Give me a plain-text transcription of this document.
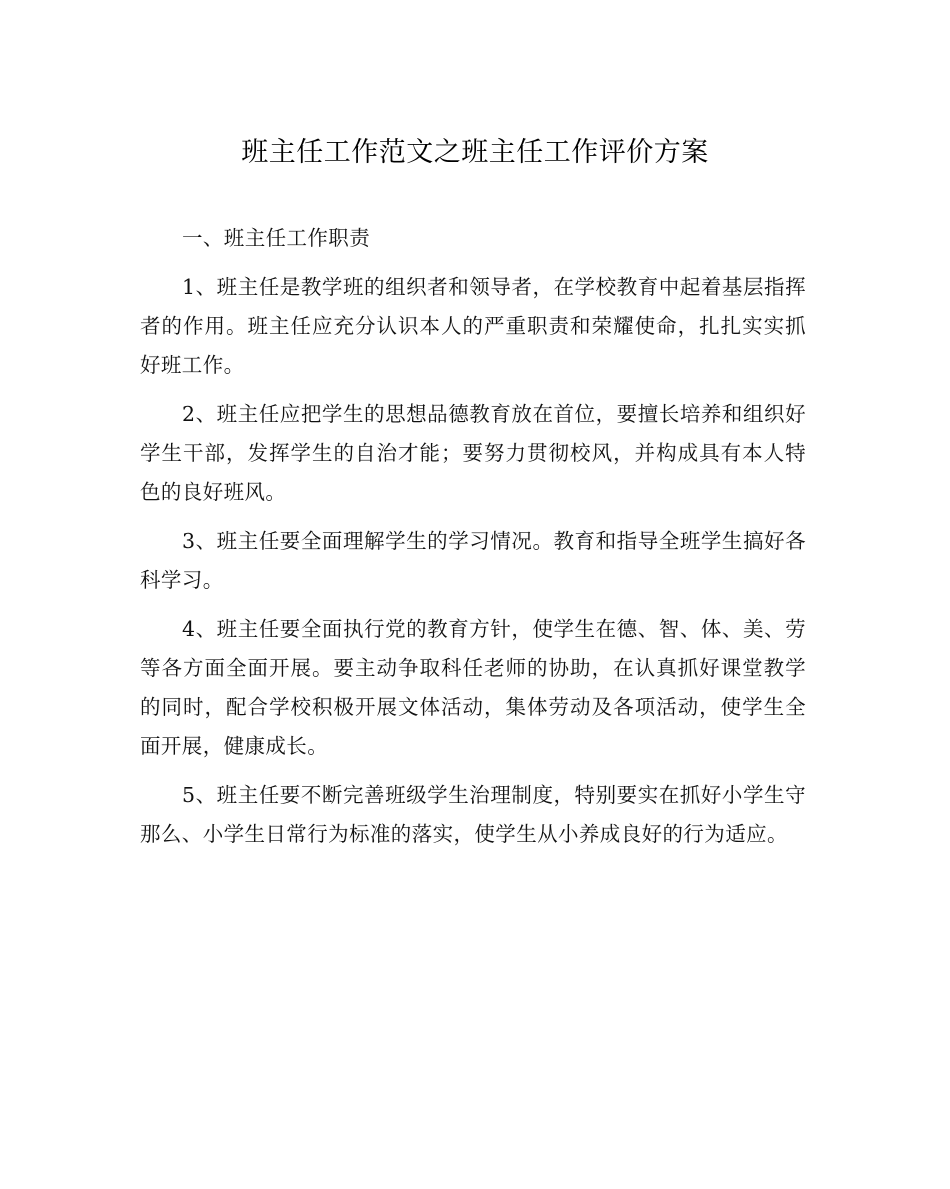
班主任工作范文之班主任工作评价方案

一、班主任工作职责

1、班主任是教学班的组织者和领导者，在学校教育中起着基层指挥者的作用。班主任应充分认识本人的严重职责和荣耀使命，扎扎实实抓好班工作。

2、班主任应把学生的思想品德教育放在首位，要擅长培养和组织好学生干部，发挥学生的自治才能；要努力贯彻校风，并构成具有本人特色的良好班风。

3、班主任要全面理解学生的学习情况。教育和指导全班学生搞好各科学习。

4、班主任要全面执行党的教育方针，使学生在德、智、体、美、劳等各方面全面开展。要主动争取科任老师的协助，在认真抓好课堂教学的同时，配合学校积极开展文体活动，集体劳动及各项活动，使学生全面开展，健康成长。

5、班主任要不断完善班级学生治理制度，特别要实在抓好小学生守那么、小学生日常行为标准的落实，使学生从小养成良好的行为适应。
